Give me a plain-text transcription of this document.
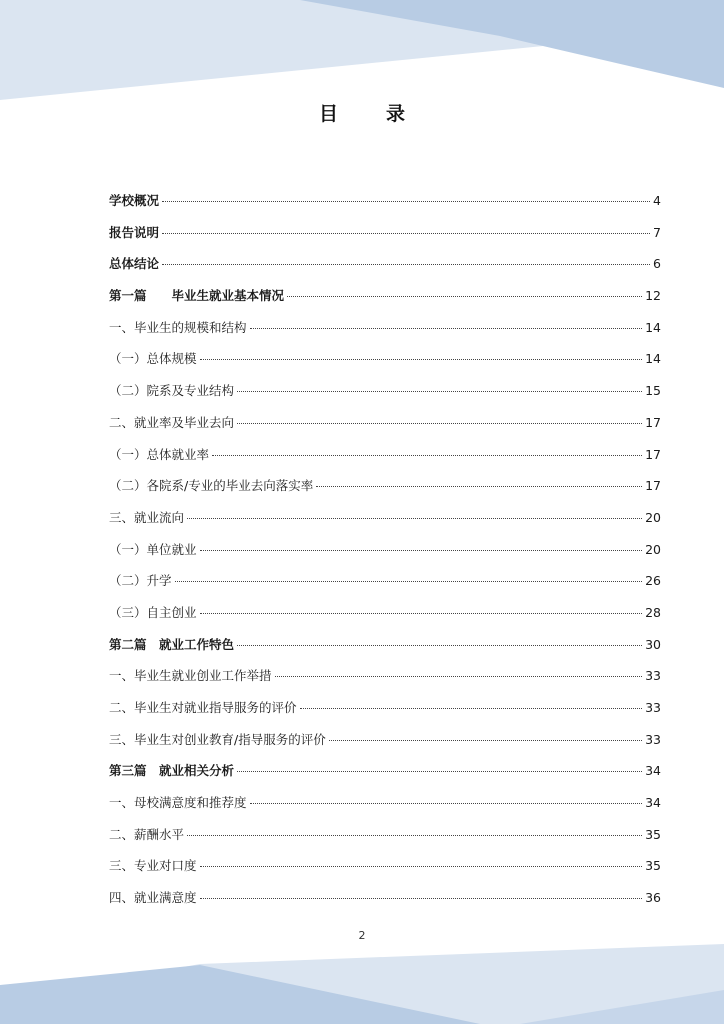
目	录
学校概况	4
报告说明	7
总体结论	6
第一篇　　毕业生就业基本情况	12
一、毕业生的规模和结构	14
（一）总体规模	14
（二）院系及专业结构	15
二、就业率及毕业去向	17
（一）总体就业率	17
（二）各院系/专业的毕业去向落实率	17
三、就业流向	20
（一）单位就业	20
（二）升学	26
（三）自主创业	28
第二篇　就业工作特色	30
一、毕业生就业创业工作举措	33
二、毕业生对就业指导服务的评价	33
三、毕业生对创业教育/指导服务的评价	33
第三篇　就业相关分析	34
一、母校满意度和推荐度	34
二、薪酬水平	35
三、专业对口度	35
四、就业满意度	36
2
